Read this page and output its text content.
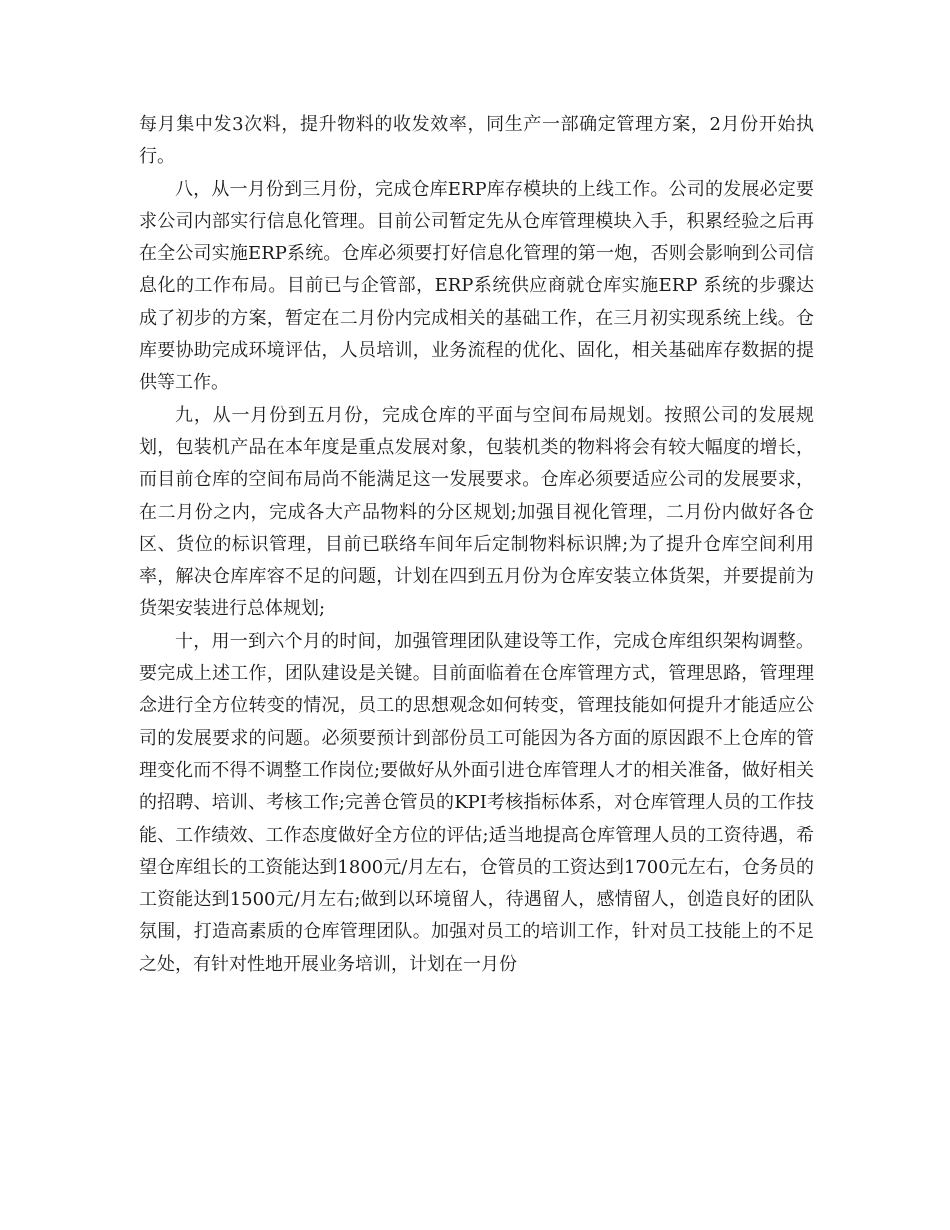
每月集中发3次料，提升物料的收发效率，同生产一部确定管理方案，2月份开始执行。

八，从一月份到三月份，完成仓库ERP库存模块的上线工作。公司的发展必定要求公司内部实行信息化管理。目前公司暂定先从仓库管理模块入手，积累经验之后再在全公司实施ERP系统。仓库必须要打好信息化管理的第一炮，否则会影响到公司信息化的工作布局。目前已与企管部，ERP系统供应商就仓库实施ERP 系统的步骤达成了初步的方案，暂定在二月份内完成相关的基础工作，在三月初实现系统上线。仓库要协助完成环境评估，人员培训，业务流程的优化、固化，相关基础库存数据的提供等工作。

九，从一月份到五月份，完成仓库的平面与空间布局规划。按照公司的发展规划，包装机产品在本年度是重点发展对象，包装机类的物料将会有较大幅度的增长，而目前仓库的空间布局尚不能满足这一发展要求。仓库必须要适应公司的发展要求，在二月份之内，完成各大产品物料的分区规划;加强目视化管理，二月份内做好各仓区、货位的标识管理，目前已联络车间年后定制物料标识牌;为了提升仓库空间利用率，解决仓库库容不足的问题，计划在四到五月份为仓库安装立体货架，并要提前为货架安装进行总体规划;

十，用一到六个月的时间，加强管理团队建设等工作，完成仓库组织架构调整。要完成上述工作，团队建设是关键。目前面临着在仓库管理方式，管理思路，管理理念进行全方位转变的情况，员工的思想观念如何转变，管理技能如何提升才能适应公司的发展要求的问题。必须要预计到部份员工可能因为各方面的原因跟不上仓库的管理变化而不得不调整工作岗位;要做好从外面引进仓库管理人才的相关准备，做好相关的招聘、培训、考核工作;完善仓管员的KPI考核指标体系，对仓库管理人员的工作技能、工作绩效、工作态度做好全方位的评估;适当地提高仓库管理人员的工资待遇，希望仓库组长的工资能达到1800元/月左右，仓管员的工资达到1700元左右，仓务员的工资能达到1500元/月左右;做到以环境留人，待遇留人，感情留人，创造良好的团队氛围，打造高素质的仓库管理团队。加强对员工的培训工作，针对员工技能上的不足之处，有针对性地开展业务培训，计划在一月份
